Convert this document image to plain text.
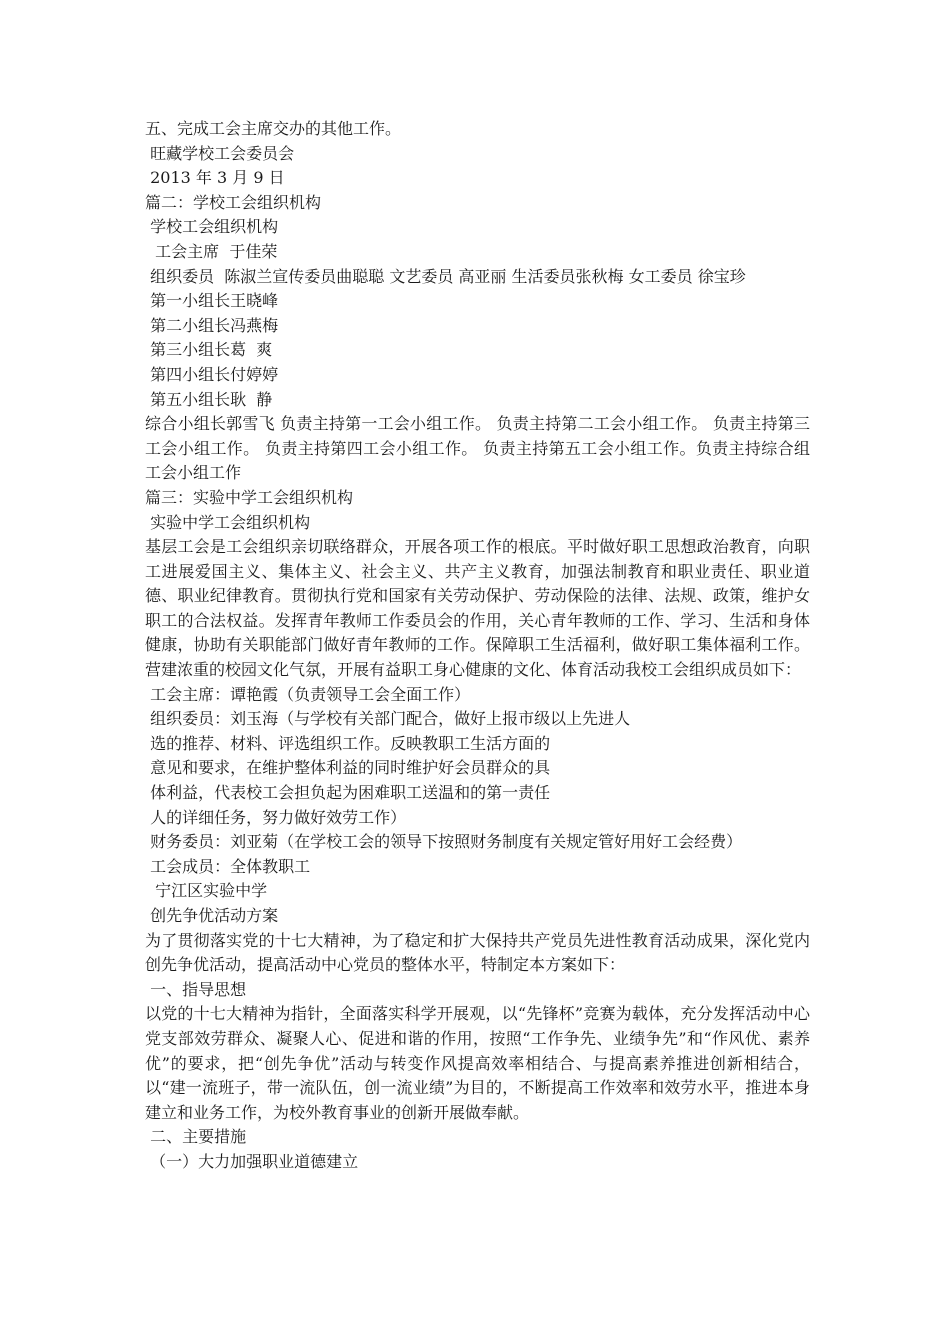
五、完成工会主席交办的其他工作。
旺藏学校工会委员会
2013 年 3 月 9 日
篇二：学校工会组织机构
学校工会组织机构
工会主席  于佳荣
组织委员  陈淑兰宣传委员曲聪聪 文艺委员 高亚丽 生活委员张秋梅 女工委员 徐宝珍
第一小组长王晓峰
第二小组长冯燕梅
第三小组长葛  爽
第四小组长付婷婷
第五小组长耿  静
综合小组长郭雪飞 负责主持第一工会小组工作。 负责主持第二工会小组工作。 负责主持第三工会小组工作。 负责主持第四工会小组工作。 负责主持第五工会小组工作。负责主持综合组工会小组工作
篇三：实验中学工会组织机构
实验中学工会组织机构
基层工会是工会组织亲切联络群众，开展各项工作的根底。平时做好职工思想政治教育，向职工进展爱国主义、集体主义、社会主义、共产主义教育，加强法制教育和职业责任、职业道德、职业纪律教育。贯彻执行党和国家有关劳动保护、劳动保险的法律、法规、政策，维护女职工的合法权益。发挥青年教师工作委员会的作用，关心青年教师的工作、学习、生活和身体健康，协助有关职能部门做好青年教师的工作。保障职工生活福利，做好职工集体福利工作。营建浓重的校园文化气氛，开展有益职工身心健康的文化、体育活动我校工会组织成员如下：
工会主席：谭艳霞（负责领导工会全面工作）
组织委员：刘玉海（与学校有关部门配合，做好上报市级以上先进人
选的推荐、材料、评选组织工作。反映教职工生活方面的
意见和要求，在维护整体利益的同时维护好会员群众的具
体利益，代表校工会担负起为困难职工送温和的第一责任
人的详细任务，努力做好效劳工作）
财务委员：刘亚菊（在学校工会的领导下按照财务制度有关规定管好用好工会经费）
工会成员：全体教职工
宁江区实验中学
创先争优活动方案
为了贯彻落实党的十七大精神，为了稳定和扩大保持共产党员先进性教育活动成果，深化党内创先争优活动，提高活动中心党员的整体水平，特制定本方案如下：
一、指导思想
以党的十七大精神为指针，全面落实科学开展观，以“先锋杯”竞赛为载体，充分发挥活动中心党支部效劳群众、凝聚人心、促进和谐的作用，按照“工作争先、业绩争先”和“作风优、素养优”的要求，把“创先争优”活动与转变作风提高效率相结合、与提高素养推进创新相结合，以“建一流班子，带一流队伍，创一流业绩”为目的，不断提高工作效率和效劳水平，推进本身建立和业务工作，为校外教育事业的创新开展做奉献。
二、主要措施
（一）大力加强职业道德建立
